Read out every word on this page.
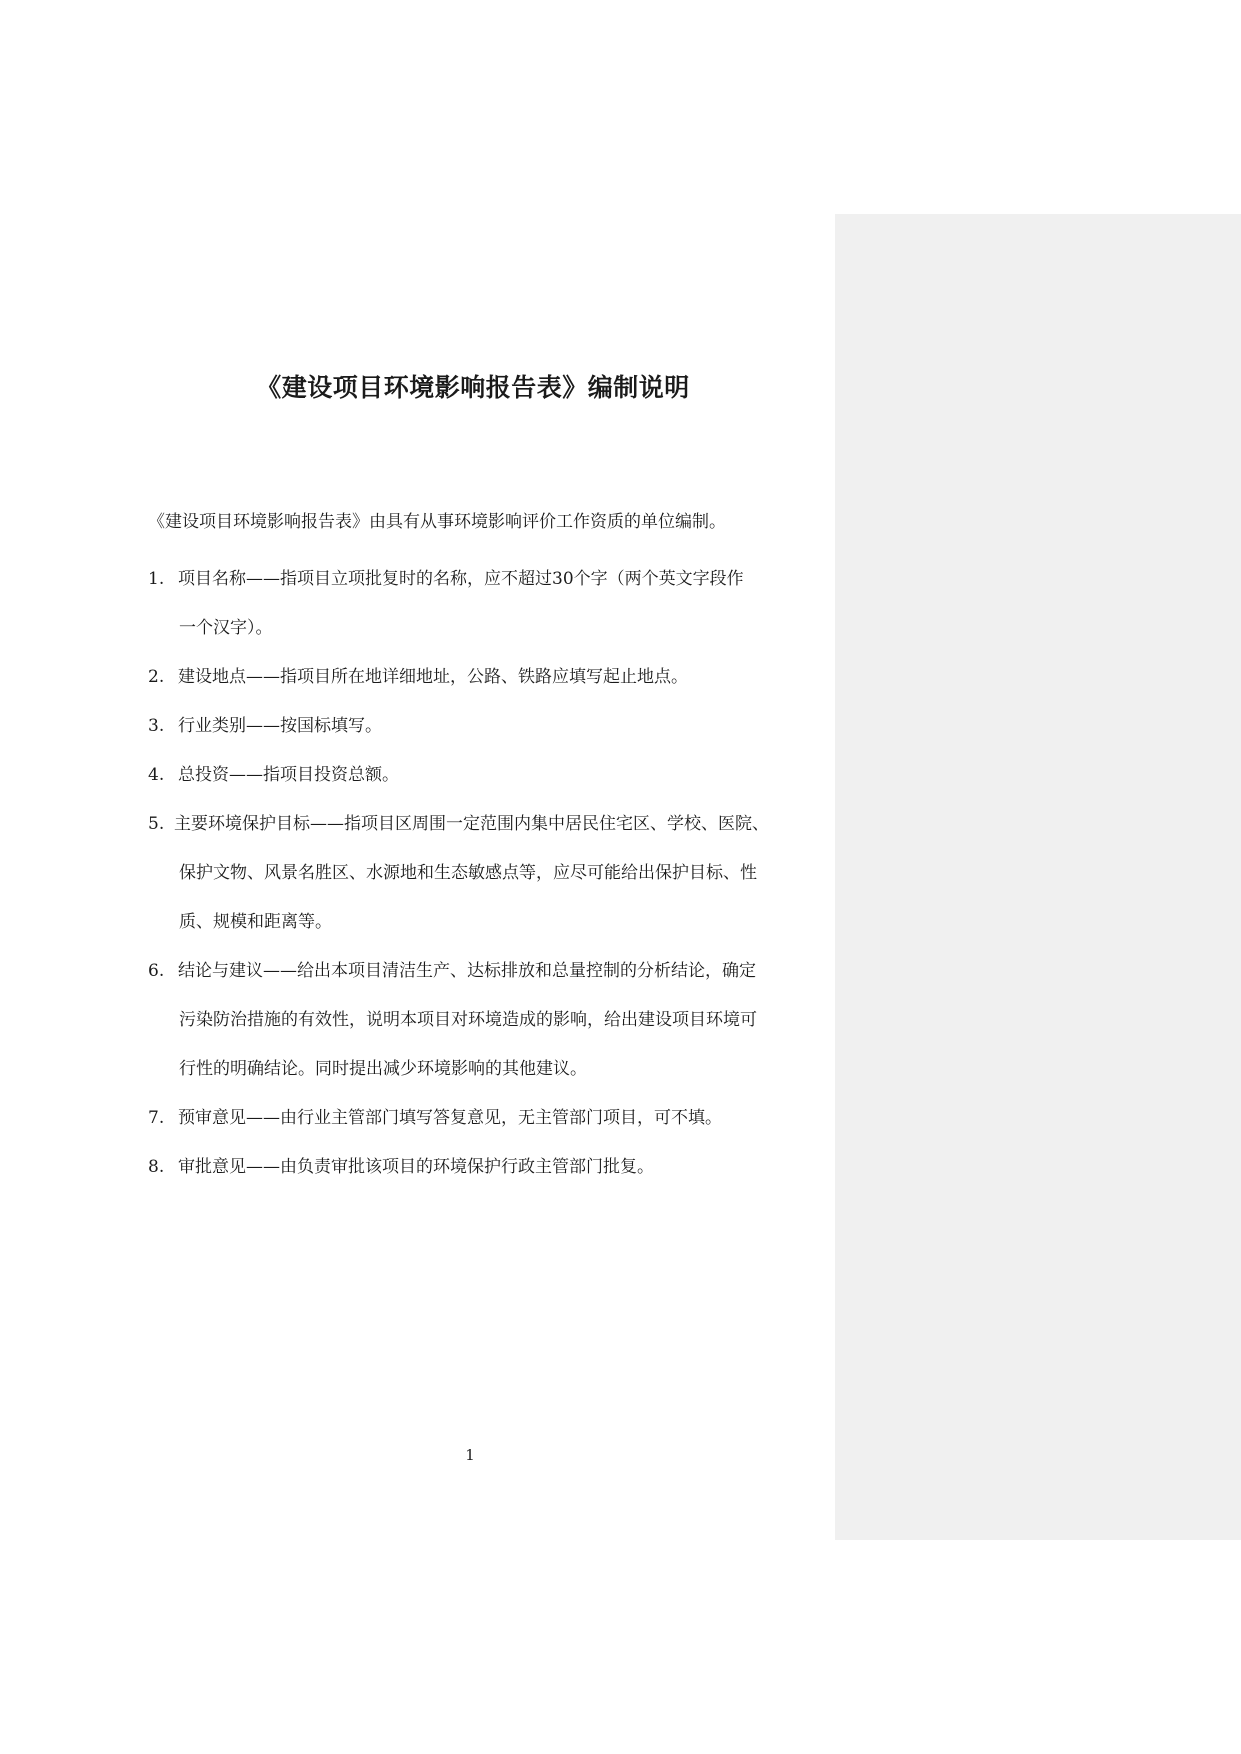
《建设项目环境影响报告表》编制说明
《建设项目环境影响报告表》由具有从事环境影响评价工作资质的单位编制。
1. 项目名称——指项目立项批复时的名称，应不超过30个字（两个英文字段作
一个汉字）。
2. 建设地点——指项目所在地详细地址，公路、铁路应填写起止地点。
3. 行业类别——按国标填写。
4. 总投资——指项目投资总额。
5. 主要环境保护目标——指项目区周围一定范围内集中居民住宅区、学校、医院、
保护文物、风景名胜区、水源地和生态敏感点等，应尽可能给出保护目标、性
质、规模和距离等。
6. 结论与建议——给出本项目清洁生产、达标排放和总量控制的分析结论，确定
污染防治措施的有效性，说明本项目对环境造成的影响，给出建设项目环境可
行性的明确结论。同时提出减少环境影响的其他建议。
7. 预审意见——由行业主管部门填写答复意见，无主管部门项目，可不填。
8. 审批意见——由负责审批该项目的环境保护行政主管部门批复。
1
